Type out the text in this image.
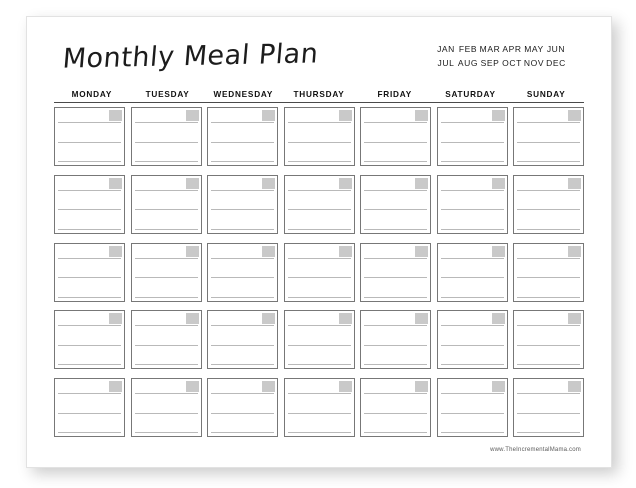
Monthly Meal Plan	JAN FEB MAR APR MAY JUN
JUL AUG SEP OCT NOV DEC
MONDAY	TUESDAY	WEDNESDAY	THURSDAY	FRIDAY	SATURDAY	SUNDAY
www.TheIncrementalMama.com
